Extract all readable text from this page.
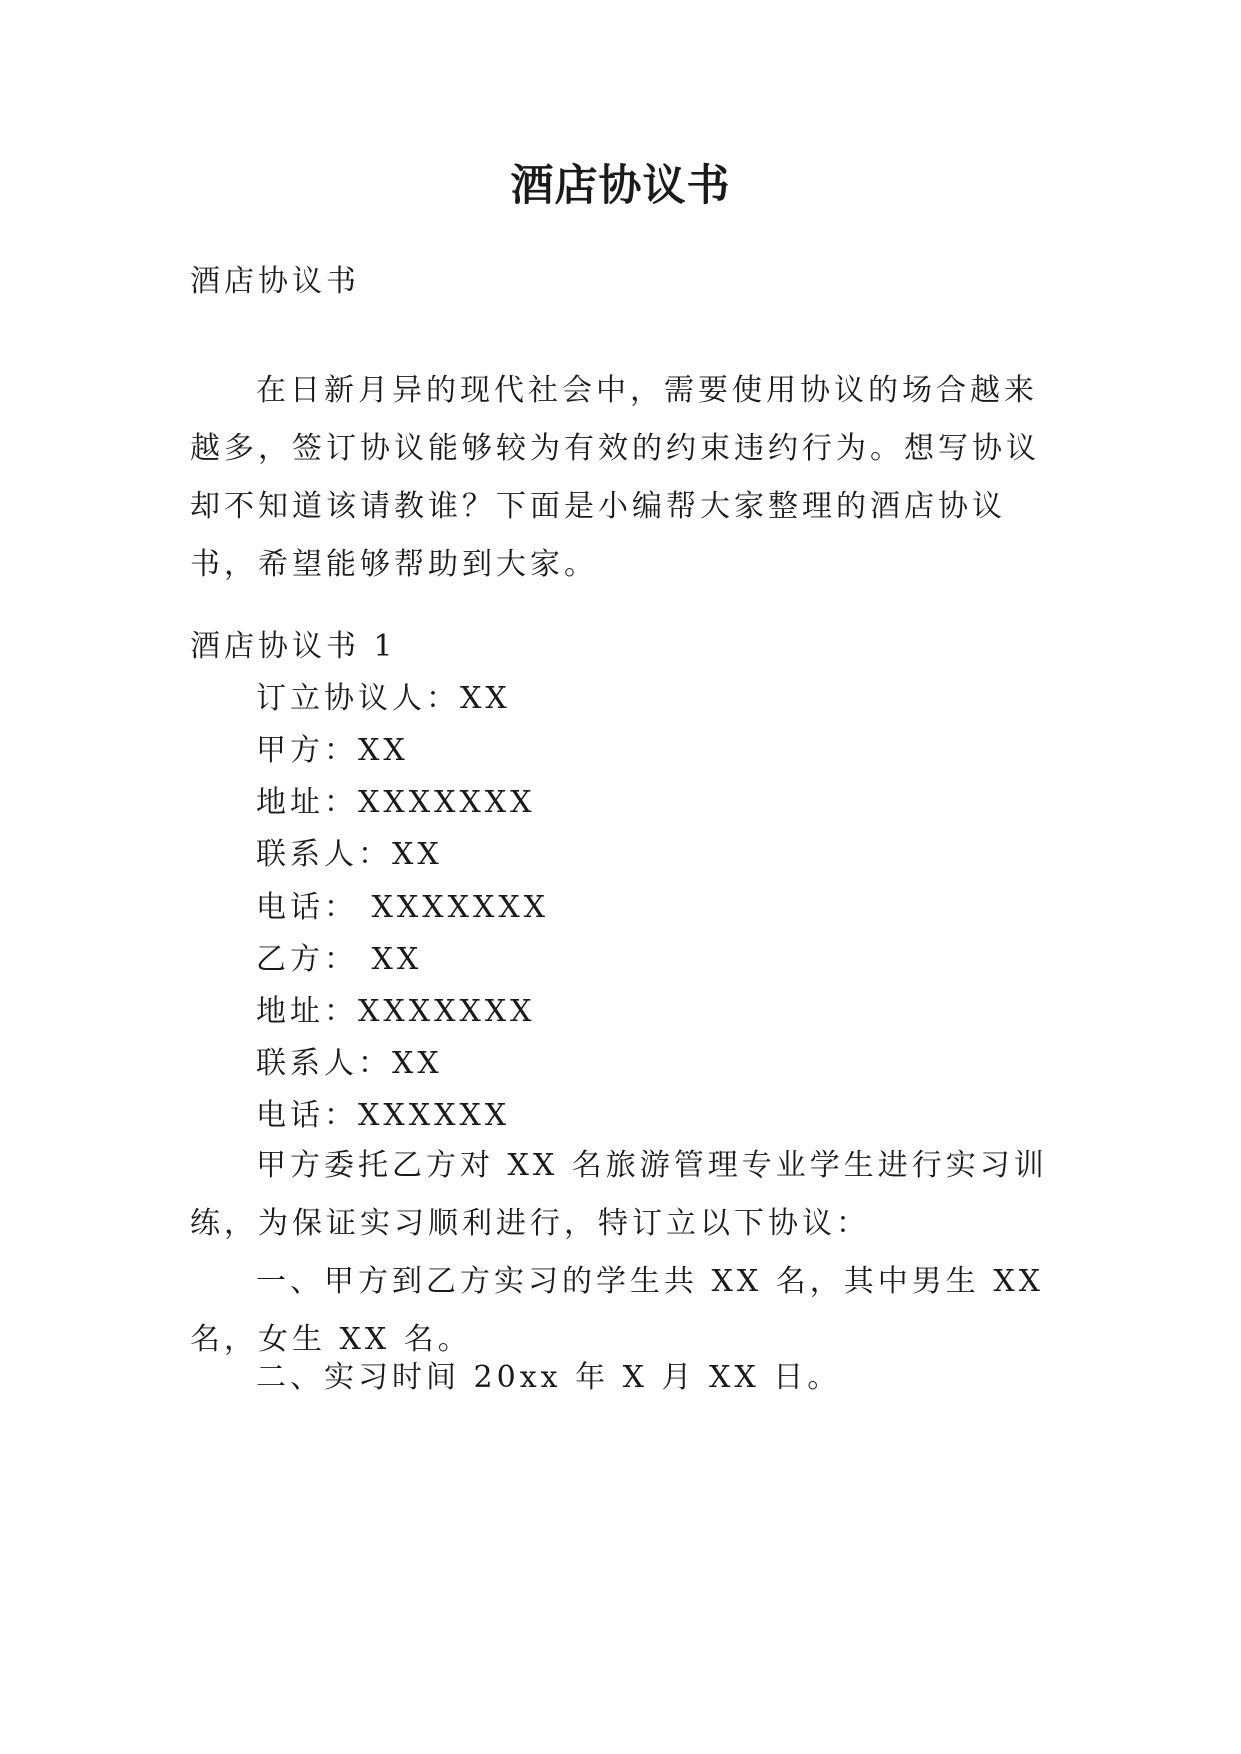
酒店协议书

酒店协议书

在日新月异的现代社会中，需要使用协议的场合越来越多，签订协议能够较为有效的约束违约行为。想写协议却不知道该请教谁？下面是小编帮大家整理的酒店协议书，希望能够帮助到大家。

酒店协议书 1

订立协议人：XX

甲方：XX

地址：XXXXXXX

联系人：XX

电话： XXXXXXX

乙方： XX

地址：XXXXXXX

联系人：XX

电话：XXXXXX

甲方委托乙方对 XX 名旅游管理专业学生进行实习训练，为保证实习顺利进行，特订立以下协议：

一、甲方到乙方实习的学生共 XX 名，其中男生 XX 名，女生 XX 名。

二、实习时间 20xx 年 X 月 XX 日。
